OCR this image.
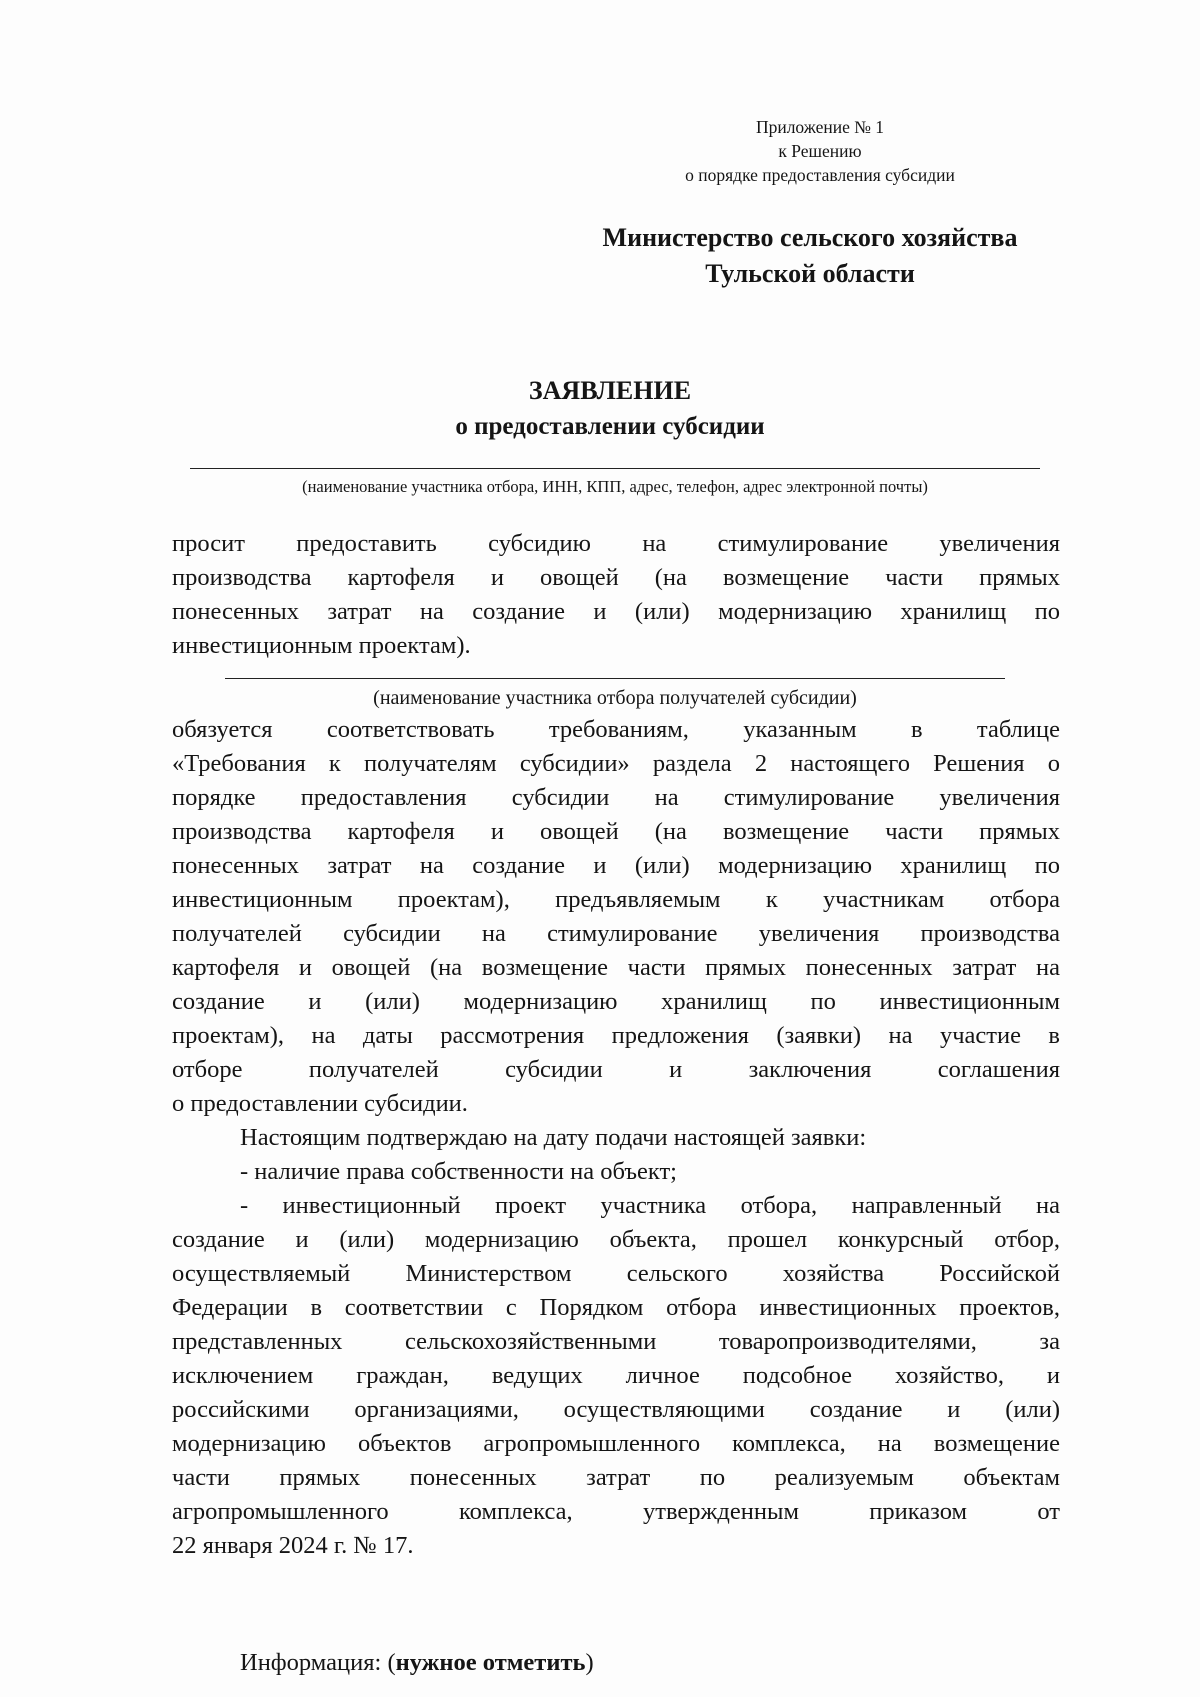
Приложение № 1
к Решению
о порядке предоставления субсидии
Министерство сельского хозяйства
Тульской области
ЗАЯВЛЕНИЕ
о предоставлении субсидии
(наименование участника отбора, ИНН, КПП, адрес, телефон, адрес электронной почты)
просит предоставить субсидию на стимулирование увеличения
производства картофеля и овощей (на возмещение части прямых
понесенных затрат на создание и (или) модернизацию хранилищ по
инвестиционным проектам).
(наименование участника отбора получателей субсидии)
обязуется соответствовать требованиям, указанным в таблице
«Требования к получателям субсидии» раздела 2 настоящего Решения о
порядке предоставления субсидии на стимулирование увеличения
производства картофеля и овощей (на возмещение части прямых
понесенных затрат на создание и (или) модернизацию хранилищ по
инвестиционным проектам), предъявляемым к участникам отбора
получателей субсидии на стимулирование увеличения производства
картофеля и овощей (на возмещение части прямых понесенных затрат на
создание и (или) модернизацию хранилищ по инвестиционным
проектам), на даты рассмотрения предложения (заявки) на участие в
отборе получателей субсидии и заключения соглашения
о предоставлении субсидии.
Настоящим подтверждаю на дату подачи настоящей заявки:
- наличие права собственности на объект;
- инвестиционный проект участника отбора, направленный на
создание и (или) модернизацию объекта, прошел конкурсный отбор,
осуществляемый Министерством сельского хозяйства Российской
Федерации в соответствии с Порядком отбора инвестиционных проектов,
представленных сельскохозяйственными товаропроизводителями, за
исключением граждан, ведущих личное подсобное хозяйство, и
российскими организациями, осуществляющими создание и (или)
модернизацию объектов агропромышленного комплекса, на возмещение
части прямых понесенных затрат по реализуемым объектам
агропромышленного комплекса, утвержденным приказом от
22 января 2024 г. № 17.
Информация: (нужное отметить)
